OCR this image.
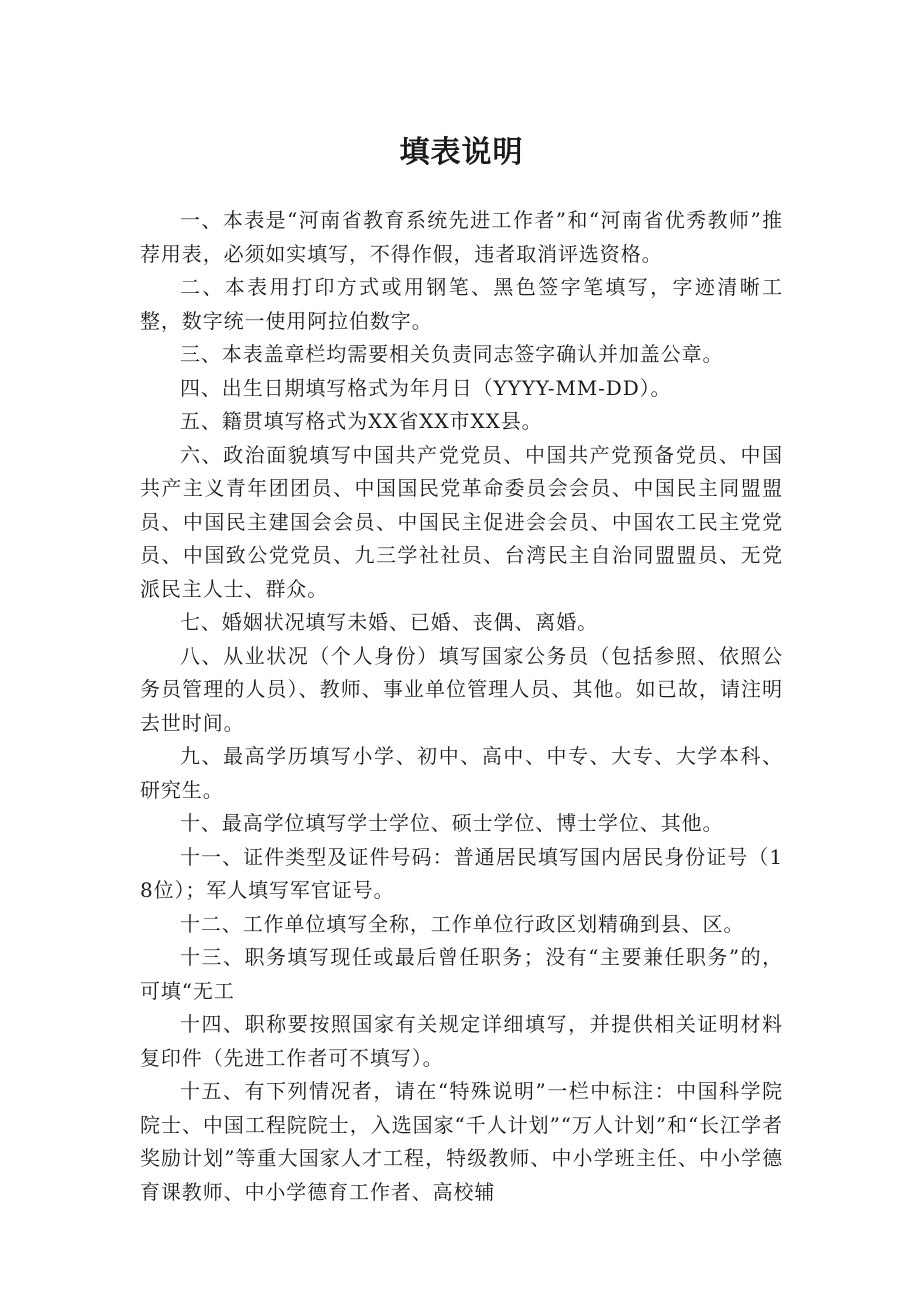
填表说明

一、本表是“河南省教育系统先进工作者”和“河南省优秀教师”推荐用表，必须如实填写，不得作假，违者取消评选资格。

二、本表用打印方式或用钢笔、黑色签字笔填写，字迹清晰工整，数字统一使用阿拉伯数字。

三、本表盖章栏均需要相关负责同志签字确认并加盖公章。

四、出生日期填写格式为年月日（YYYY-MM-DD）。

五、籍贯填写格式为XX省XX市XX县。

六、政治面貌填写中国共产党党员、中国共产党预备党员、中国共产主义青年团团员、中国国民党革命委员会会员、中国民主同盟盟员、中国民主建国会会员、中国民主促进会会员、中国农工民主党党员、中国致公党党员、九三学社社员、台湾民主自治同盟盟员、无党派民主人士、群众。

七、婚姻状况填写未婚、已婚、丧偶、离婚。

八、从业状况（个人身份）填写国家公务员（包括参照、依照公务员管理的人员）、教师、事业单位管理人员、其他。如已故，请注明去世时间。

九、最高学历填写小学、初中、高中、中专、大专、大学本科、研究生。

十、最高学位填写学士学位、硕士学位、博士学位、其他。

十一、证件类型及证件号码：普通居民填写国内居民身份证号（18位）；军人填写军官证号。

十二、工作单位填写全称，工作单位行政区划精确到县、区。

十三、职务填写现任或最后曾任职务；没有“主要兼任职务”的，可填“无工

十四、职称要按照国家有关规定详细填写，并提供相关证明材料复印件（先进工作者可不填写）。

十五、有下列情况者，请在“特殊说明”一栏中标注：中国科学院院士、中国工程院院士，入选国家“千人计划”“万人计划”和“长江学者奖励计划”等重大国家人才工程，特级教师、中小学班主任、中小学德育课教师、中小学德育工作者、高校辅
